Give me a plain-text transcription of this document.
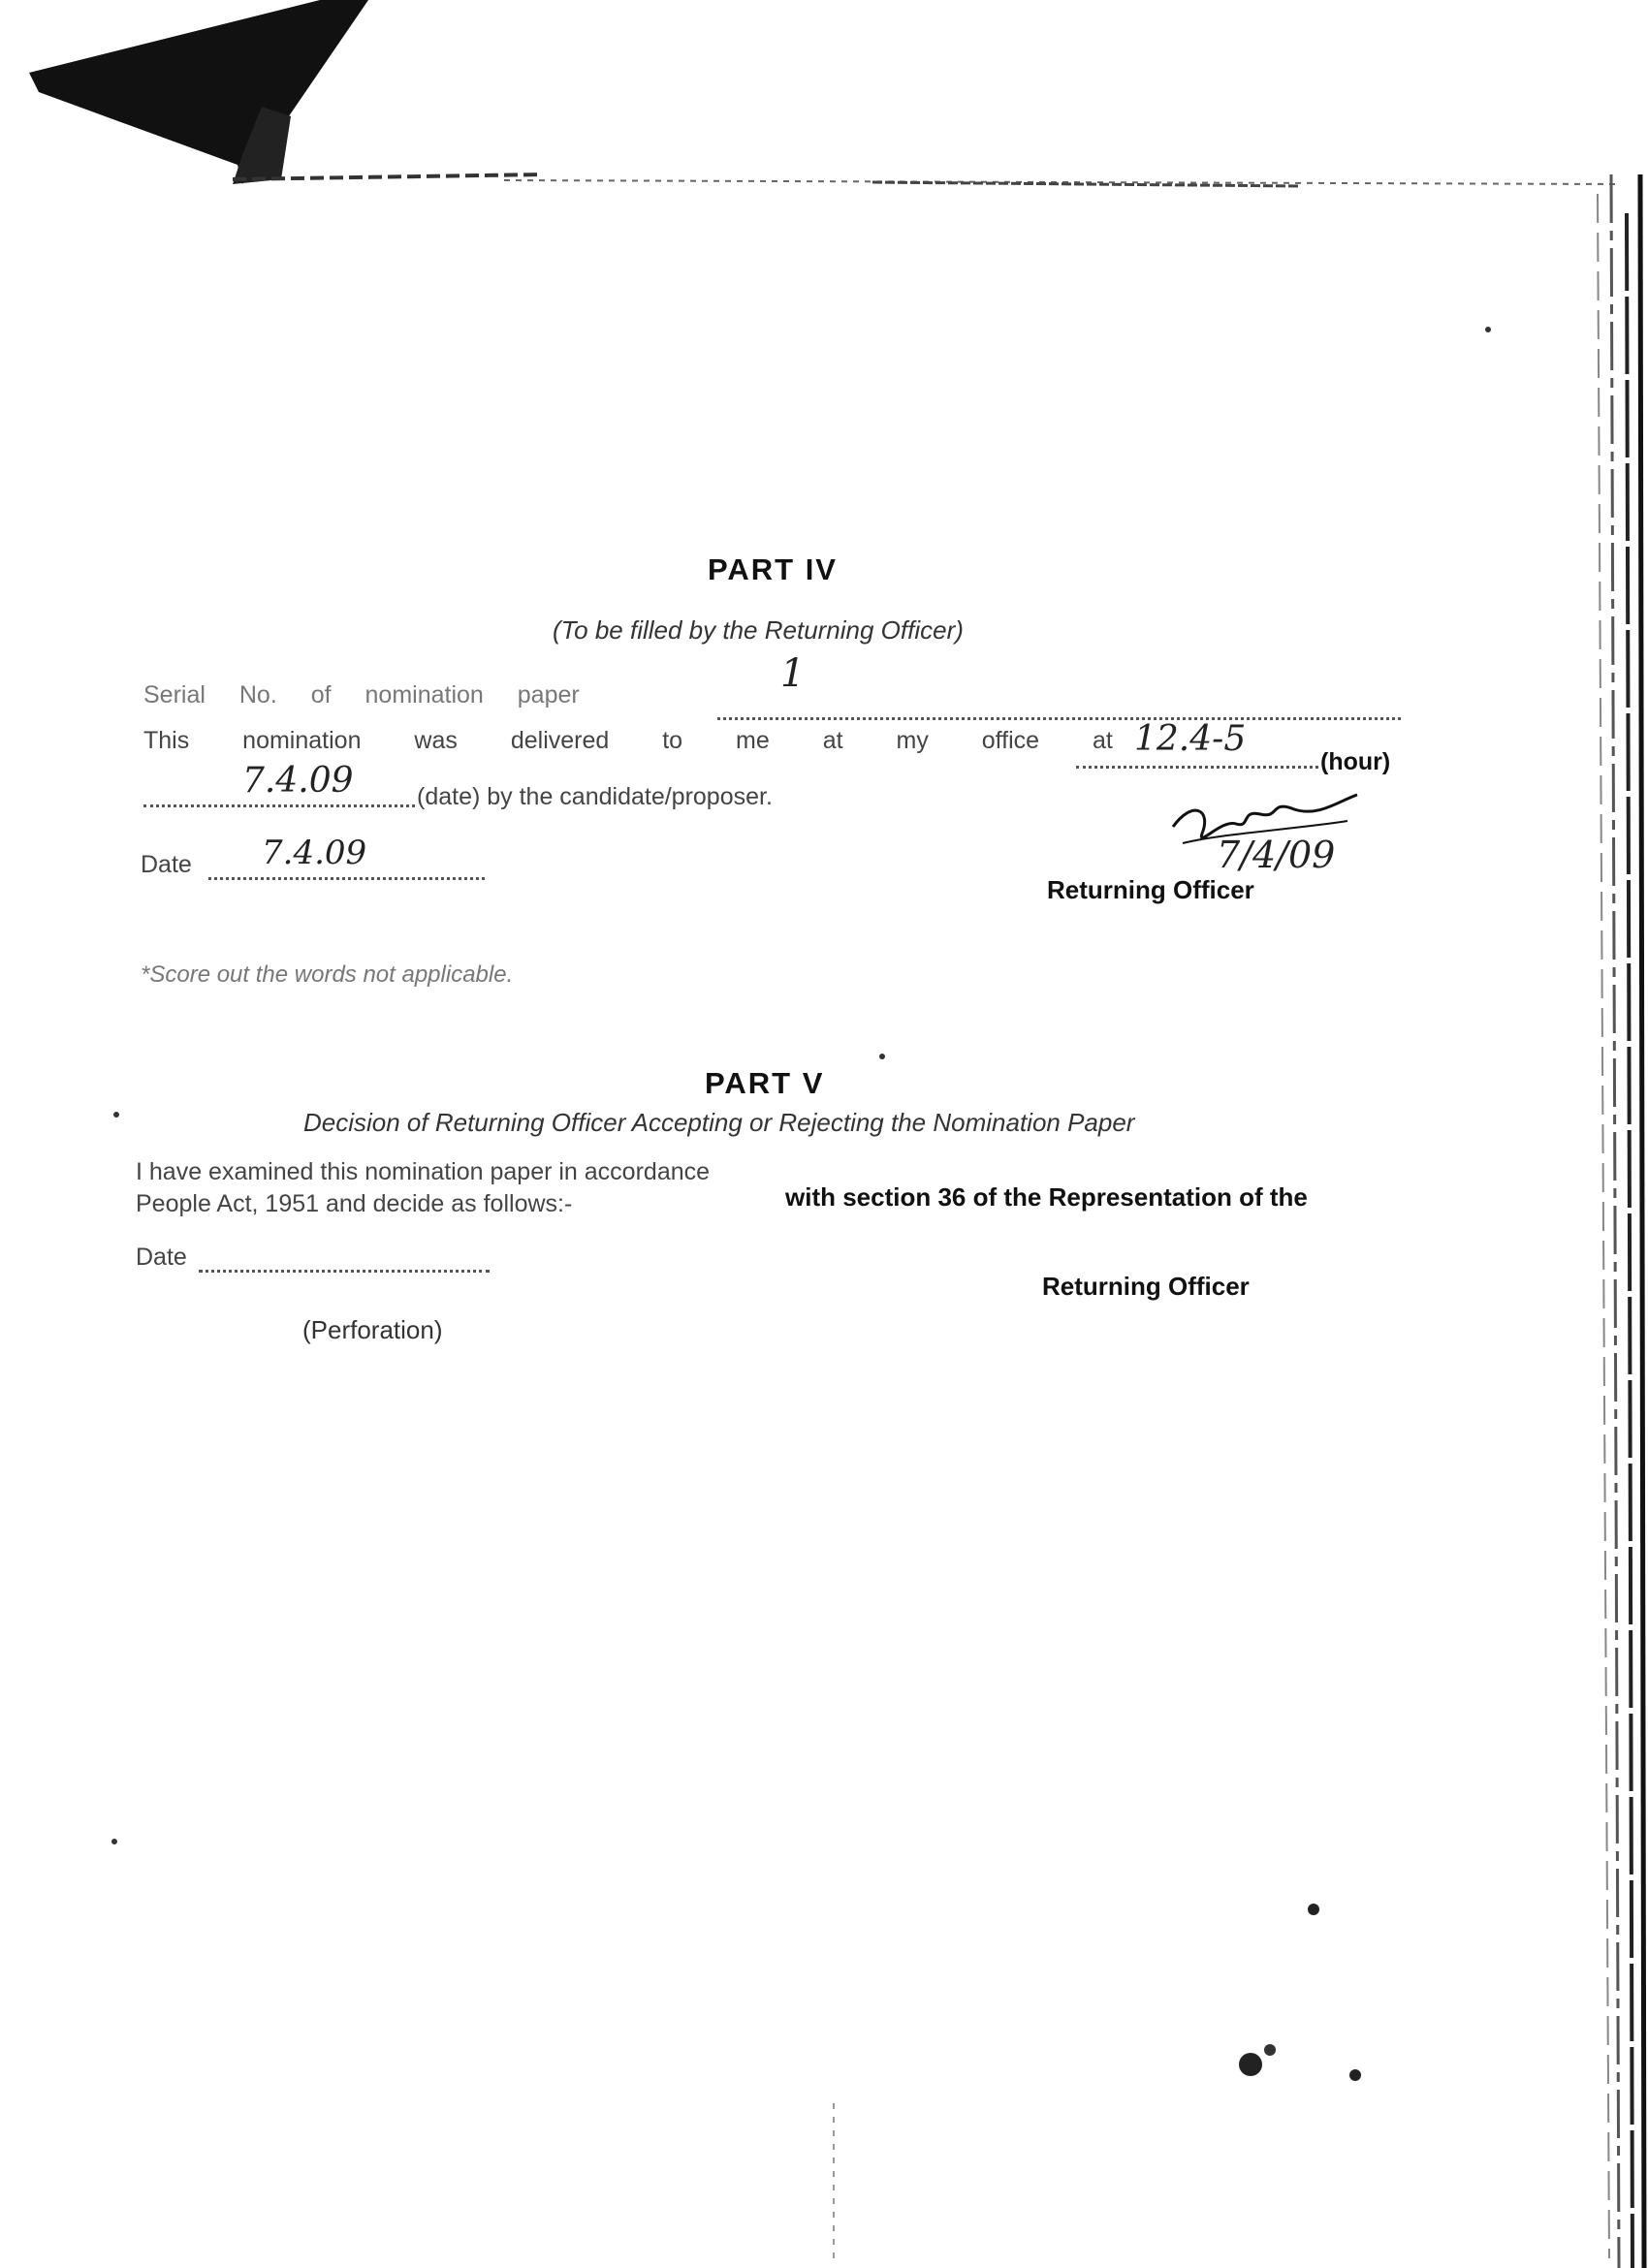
१३१८
PART IV
(To be filled by the Returning Officer)
Serial No. of nomination paper	1
This nomination was delivered to me at my office at 12.4-5
(hour)
7.4.09	(date) by the candidate/proposer.
7/4/09
Date 7.4.09
Returning Officer
*Score out the words not applicable.
PART V
Decision of Returning Officer Accepting or Rejecting the Nomination Paper
I have examined this nomination paper in accordance
with section 36 of the Representation of the
People Act, 1951 and decide as follows:-
Date
Returning Officer
(Perforation)
